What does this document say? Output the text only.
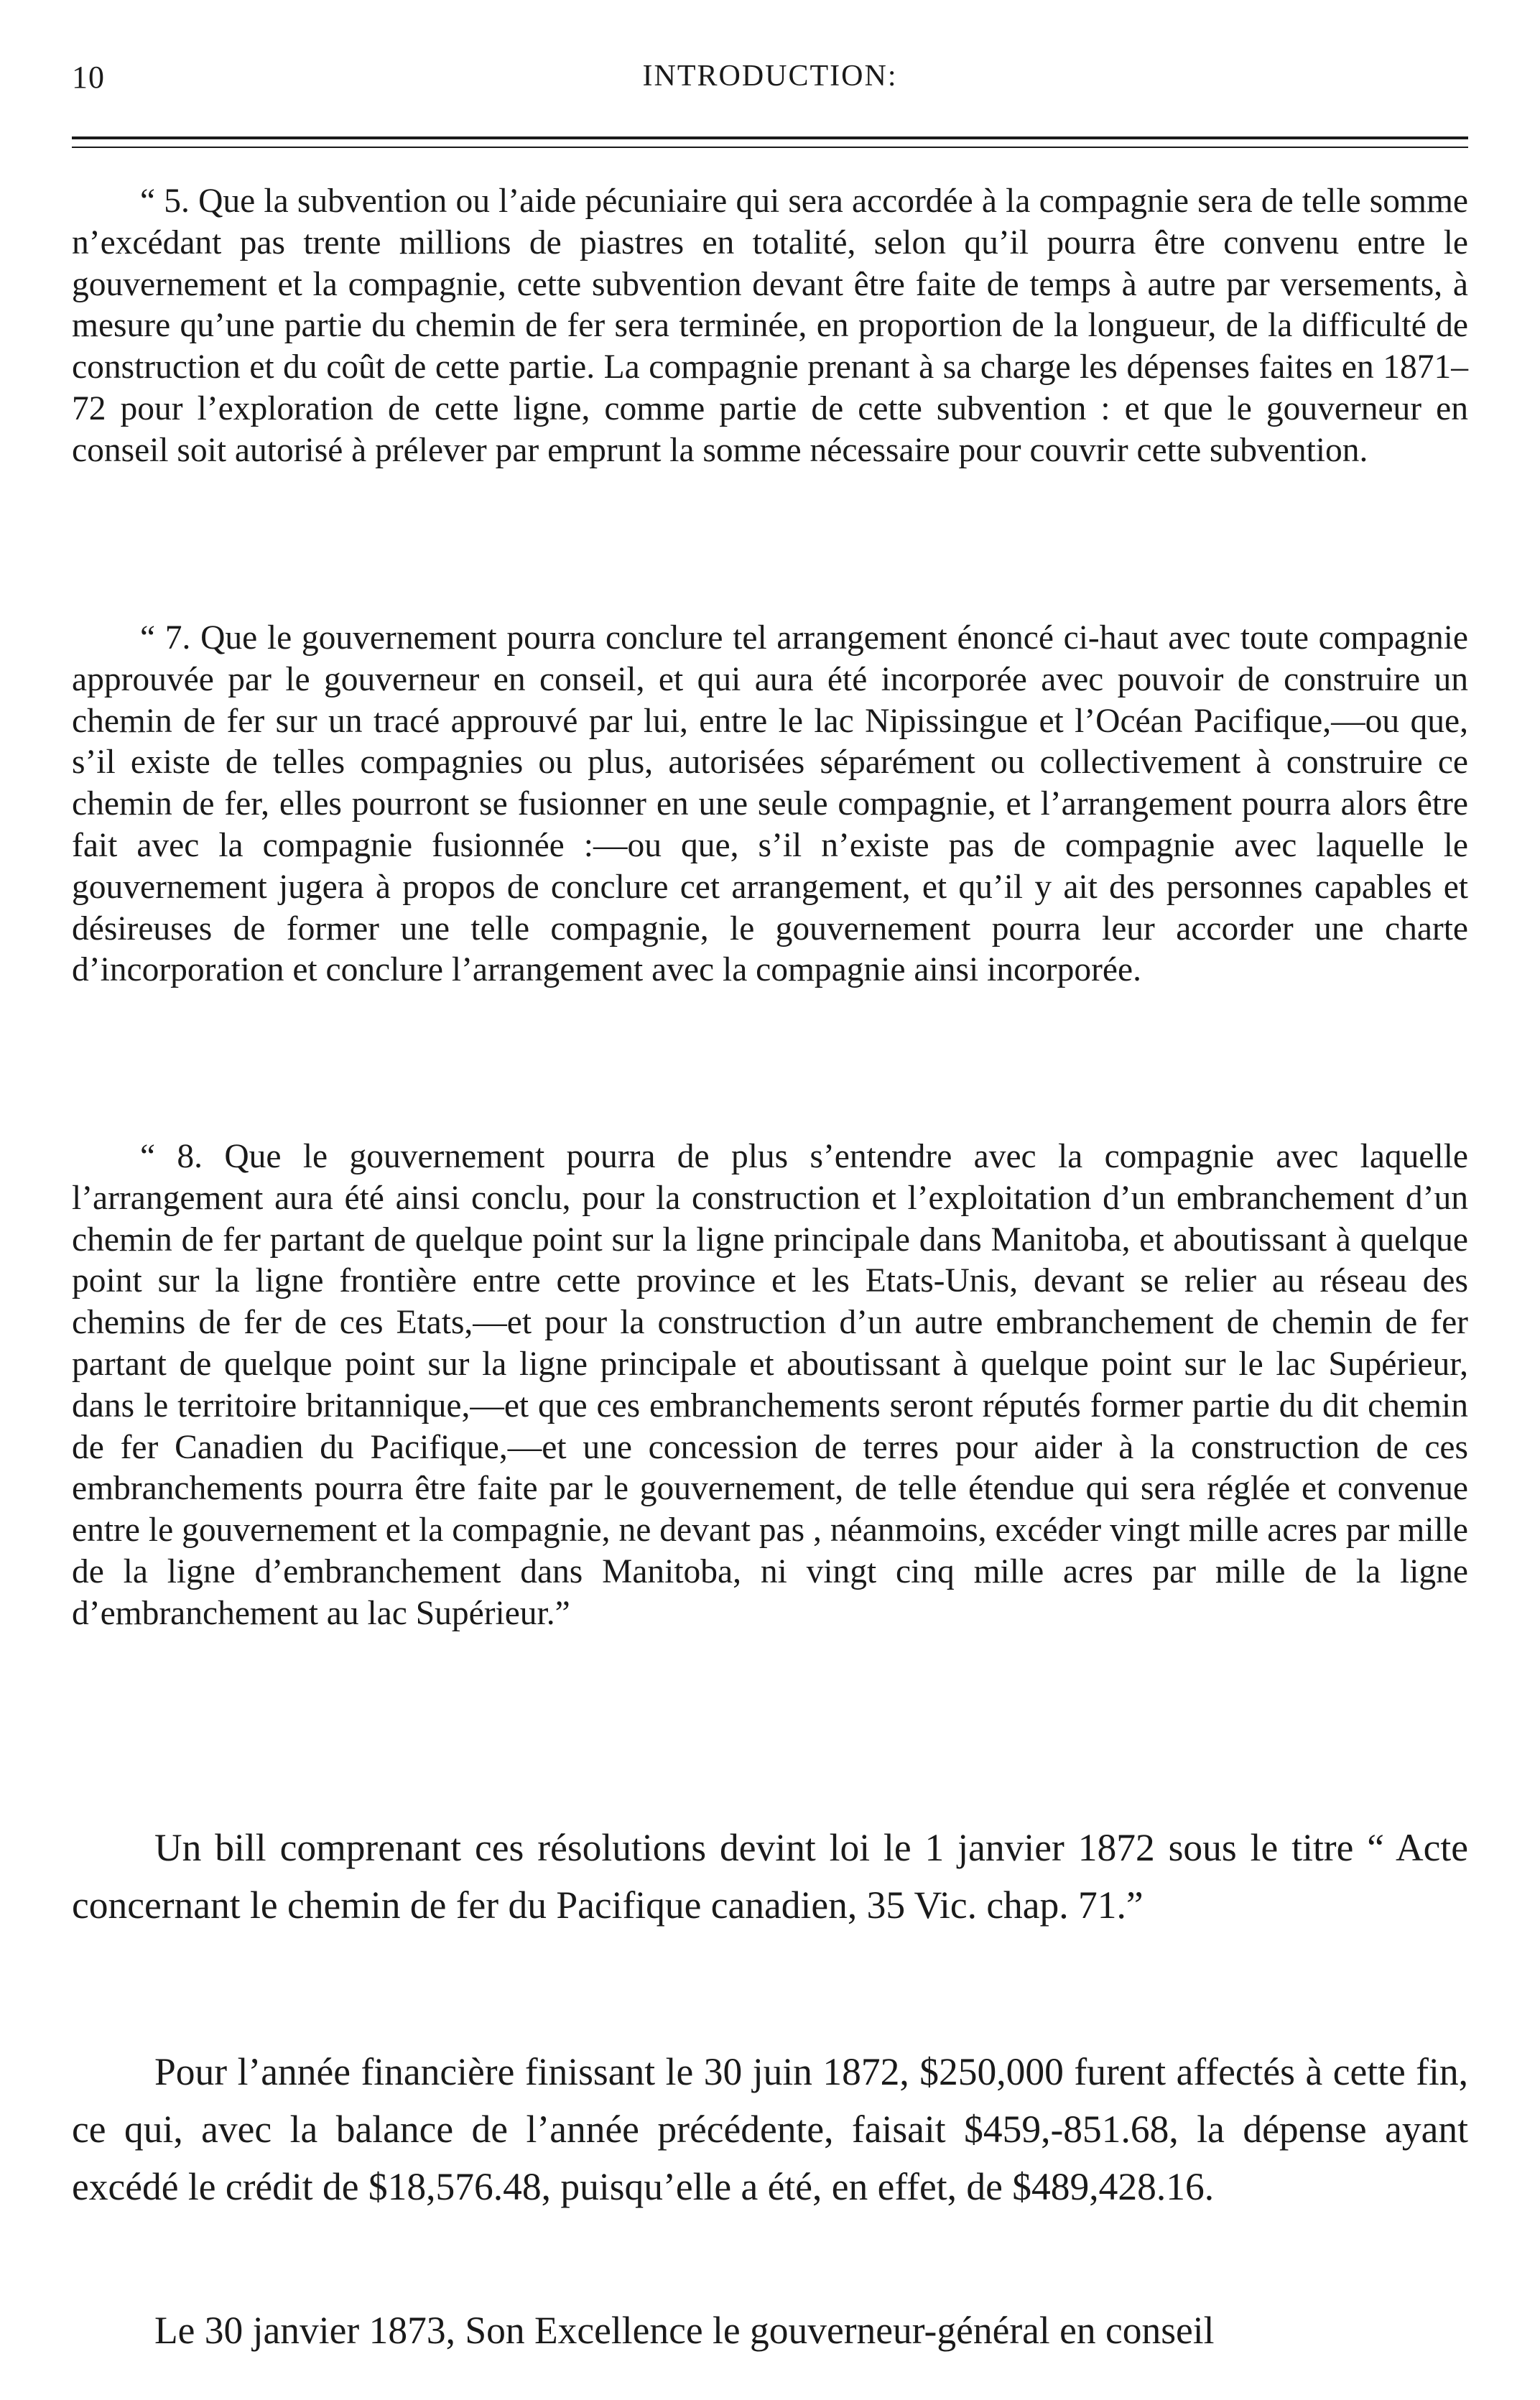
10	INTRODUCTION:

“ 5. Que la subvention ou l’aide pécuniaire qui sera accordée à la compagnie sera de telle somme n’excédant pas trente millions de piastres en totalité, selon qu’il pourra être convenu entre le gouvernement et la compagnie, cette subvention devant être faite de temps à autre par versements, à mesure qu’une partie du chemin de fer sera terminée, en proportion de la longueur, de la difficulté de construction et du coût de cette partie. La compagnie prenant à sa charge les dépenses faites en 1871–72 pour l’exploration de cette ligne, comme partie de cette subvention : et que le gouverneur en conseil soit autorisé à prélever par emprunt la somme nécessaire pour couvrir cette subvention.

“ 7. Que le gouvernement pourra conclure tel arrangement énoncé ci-haut avec toute compagnie approuvée par le gouverneur en conseil, et qui aura été incorporée avec pouvoir de construire un chemin de fer sur un tracé approuvé par lui, entre le lac Nipissingue et l’Océan Pacifique,—ou que, s’il existe de telles compagnies ou plus, autorisées séparément ou collectivement à construire ce chemin de fer, elles pourront se fusionner en une seule compagnie, et l’arrangement pourra alors être fait avec la compagnie fusionnée :—ou que, s’il n’existe pas de compagnie avec laquelle le gouvernement jugera à propos de conclure cet arrangement, et qu’il y ait des personnes capables et désireuses de former une telle compagnie, le gouvernement pourra leur accorder une charte d’incorporation et conclure l’arrangement avec la compagnie ainsi incorporée.

“ 8. Que le gouvernement pourra de plus s’entendre avec la compagnie avec laquelle l’arrangement aura été ainsi conclu, pour la construction et l’exploitation d’un embranchement d’un chemin de fer partant de quelque point sur la ligne principale dans Manitoba, et aboutissant à quelque point sur la ligne frontière entre cette province et les Etats-Unis, devant se relier au réseau des chemins de fer de ces Etats,—et pour la construction d’un autre embranchement de chemin de fer partant de quelque point sur la ligne principale et aboutissant à quelque point sur le lac Supérieur, dans le territoire britannique,—et que ces embranchements seront réputés former partie du dit chemin de fer Canadien du Pacifique,—et une concession de terres pour aider à la construction de ces embranchements pourra être faite par le gouvernement, de telle étendue qui sera réglée et convenue entre le gouvernement et la compagnie, ne devant pas , néanmoins, excéder vingt mille acres par mille de la ligne d’embranchement dans Manitoba, ni vingt cinq mille acres par mille de la ligne d’embranchement au lac Supérieur.”

Un bill comprenant ces résolutions devint loi le 1 janvier 1872 sous le titre “ Acte concernant le chemin de fer du Pacifique canadien, 35 Vic. chap. 71.”

Pour l’année financière finissant le 30 juin 1872, $250,000 furent affectés à cette fin, ce qui, avec la balance de l’année précédente, faisait $459,-851.68, la dépense ayant excédé le crédit de $18,576.48, puisqu’elle a été, en effet, de $489,428.16.

Le 30 janvier 1873, Son Excellence le gouverneur-général en conseil
